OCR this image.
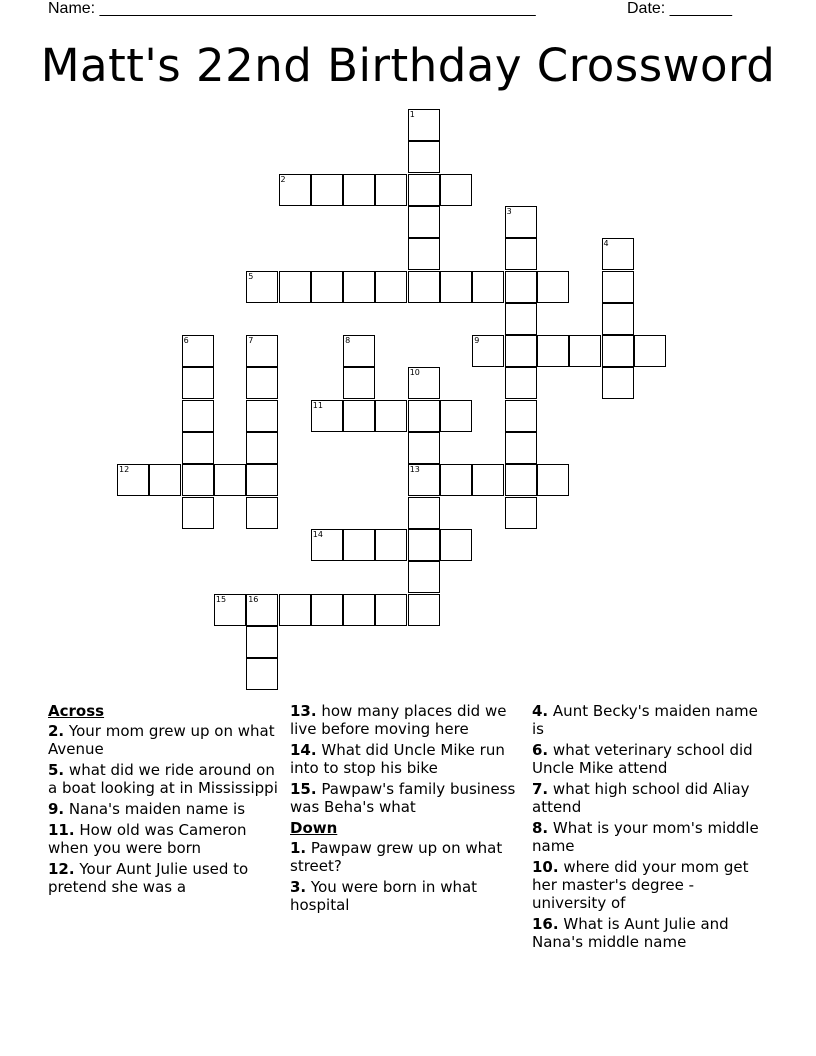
Name: _________________________________________________	Date: _______
Matt's 22nd Birthday Crossword
1
2
3
4
5
6	7	8	9
10
11
12	13
14
15	16
Across
2. Your mom grew up on what Avenue
5. what did we ride around on a boat looking at in Mississippi
9. Nana's maiden name is
11. How old was Cameron when you were born
12. Your Aunt Julie used to pretend she was a
13. how many places did we live before moving here
14. What did Uncle Mike run into to stop his bike
15. Pawpaw's family business was Beha's what
Down
1. Pawpaw grew up on what street?
3. You were born in what hospital
4. Aunt Becky's maiden name is
6. what veterinary school did Uncle Mike attend
7. what high school did Aliay attend
8. What is your mom's middle name
10. where did your mom get her master's degree -university of
16. What is Aunt Julie and Nana's middle name
